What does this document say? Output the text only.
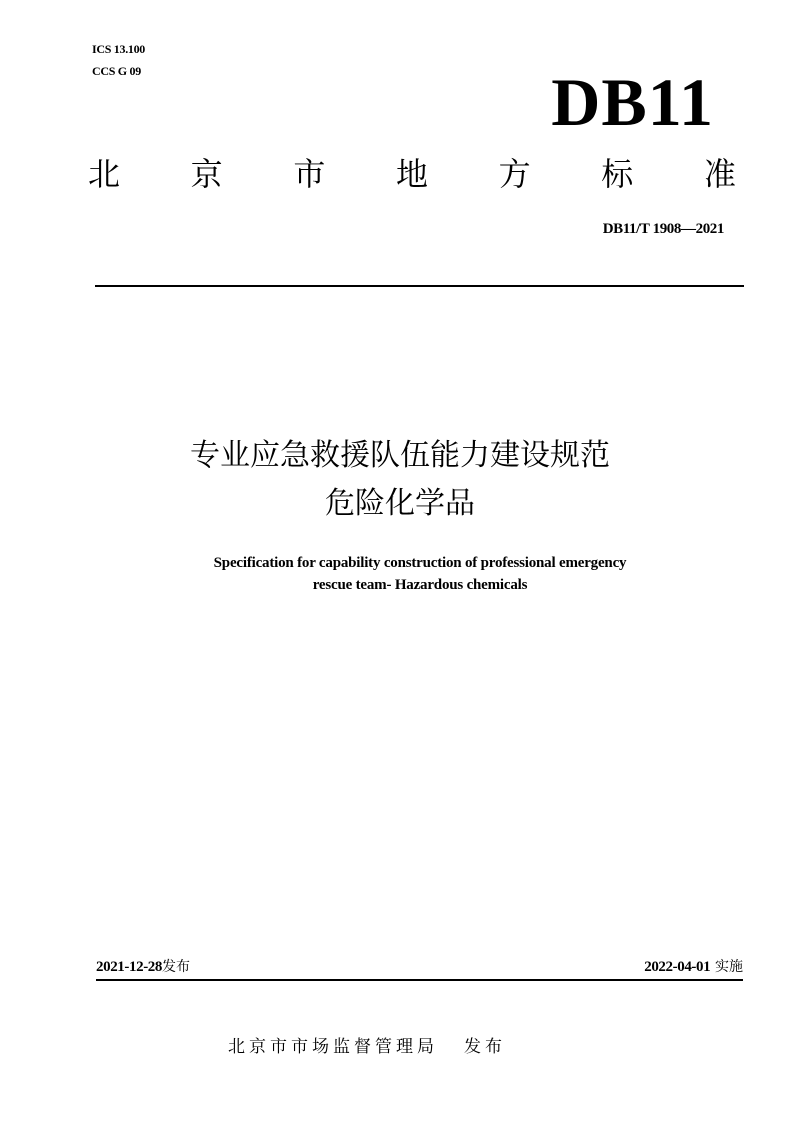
ICS 13.100
CCS G 09	DB11
北 京 市 地 方 标 准
DB11/T 1908—2021
专业应急救援队伍能力建设规范
危险化学品
Specification for capability construction of professional emergency
rescue team- Hazardous chemicals
2021-12-28发布	2022-04-01 实施
北京市市场监督管理局 发布
